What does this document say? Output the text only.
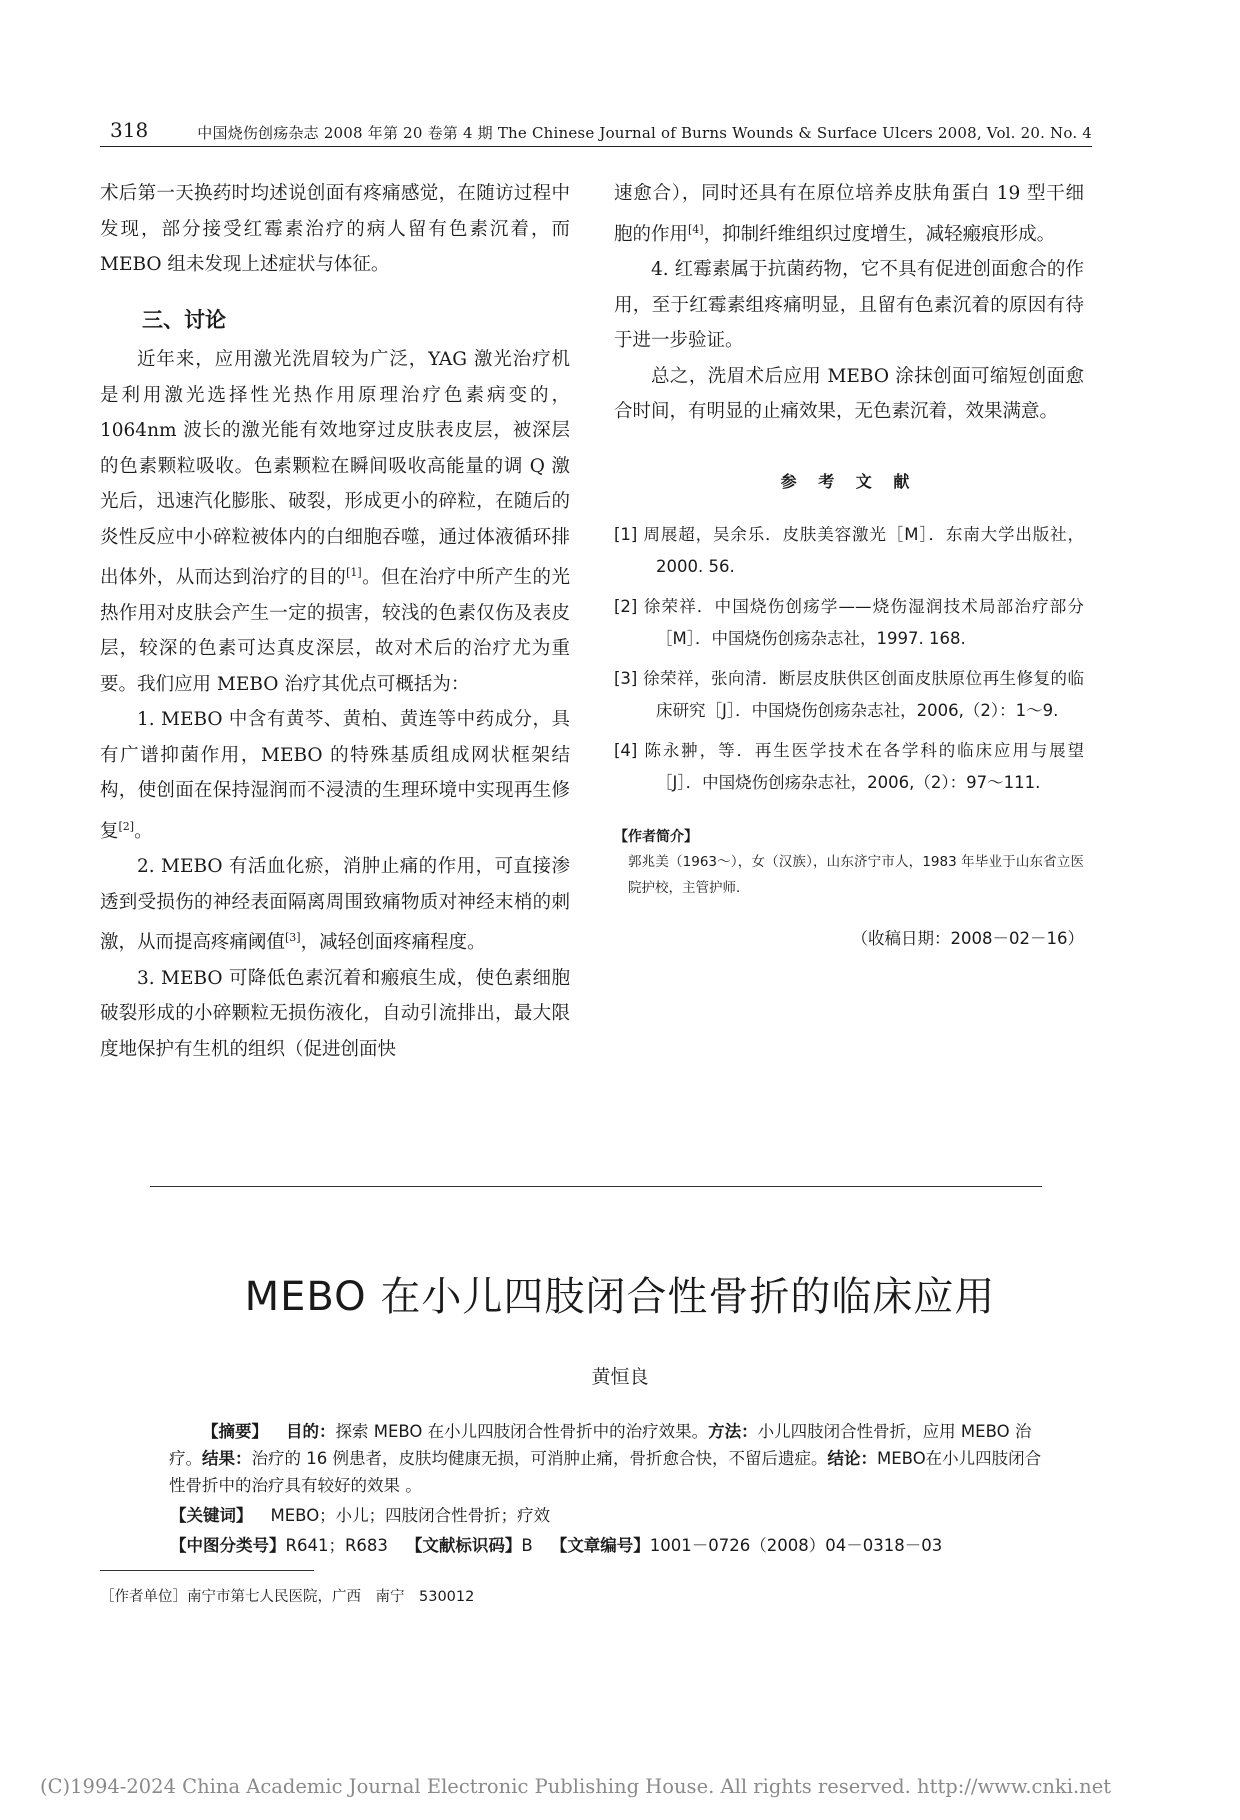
318	中国烧伤创疡杂志 2008 年第 20 卷第 4 期 The Chinese Journal of Burns Wounds & Surface Ulcers 2008, Vol. 20. No. 4

术后第一天换药时均述说创面有疼痛感觉，在随访过程中发现，部分接受红霉素治疗的病人留有色素沉着，而 MEBO 组未发现上述症状与体征。

三、讨论

近年来，应用激光洗眉较为广泛，YAG 激光治疗机是利用激光选择性光热作用原理治疗色素病变的，1064nm 波长的激光能有效地穿过皮肤表皮层，被深层的色素颗粒吸收。色素颗粒在瞬间吸收高能量的调 Q 激光后，迅速汽化膨胀、破裂，形成更小的碎粒，在随后的炎性反应中小碎粒被体内的白细胞吞噬，通过体液循环排出体外，从而达到治疗的目的[1]。但在治疗中所产生的光热作用对皮肤会产生一定的损害，较浅的色素仅伤及表皮层，较深的色素可达真皮深层，故对术后的治疗尤为重要。我们应用 MEBO 治疗其优点可概括为：

1. MEBO 中含有黄芩、黄柏、黄连等中药成分，具有广谱抑菌作用，MEBO 的特殊基质组成网状框架结构，使创面在保持湿润而不浸渍的生理环境中实现再生修复[2]。

2. MEBO 有活血化瘀，消肿止痛的作用，可直接渗透到受损伤的神经表面隔离周围致痛物质对神经末梢的刺激，从而提高疼痛阈值[3]，减轻创面疼痛程度。

3. MEBO 可降低色素沉着和瘢痕生成，使色素细胞破裂形成的小碎颗粒无损伤液化，自动引流排出，最大限度地保护有生机的组织（促进创面快

速愈合），同时还具有在原位培养皮肤角蛋白 19 型干细胞的作用[4]，抑制纤维组织过度增生，减轻瘢痕形成。

4. 红霉素属于抗菌药物，它不具有促进创面愈合的作用，至于红霉素组疼痛明显，且留有色素沉着的原因有待于进一步验证。

总之，洗眉术后应用 MEBO 涂抹创面可缩短创面愈合时间，有明显的止痛效果，无色素沉着，效果满意。

参 考 文 献

[1] 周展超，吴余乐．皮肤美容激光［M］．东南大学出版社，2000. 56.

[2] 徐荣祥．中国烧伤创疡学——烧伤湿润技术局部治疗部分［M］．中国烧伤创疡杂志社，1997. 168.

[3] 徐荣祥，张向清．断层皮肤供区创面皮肤原位再生修复的临床研究［J］．中国烧伤创疡杂志社，2006,（2）：1～9.

[4] 陈永翀，等．再生医学技术在各学科的临床应用与展望［J］．中国烧伤创疡杂志社，2006,（2）：97～111.

【作者简介】

郭兆美（1963～），女（汉族），山东济宁市人，1983 年毕业于山东省立医院护校，主管护师．

（收稿日期：2008－02－16）

MEBO 在小儿四肢闭合性骨折的临床应用
黄恒良

【摘要】 目的：探索 MEBO 在小儿四肢闭合性骨折中的治疗效果。方法：小儿四肢闭合性骨折，应用 MEBO 治疗。结果：治疗的 16 例患者，皮肤均健康无损，可消肿止痛，骨折愈合快，不留后遗症。结论：MEBO在小儿四肢闭合性骨折中的治疗具有较好的效果 。

【关键词】 MEBO；小儿；四肢闭合性骨折；疗效

【中图分类号】R641；R683 【文献标识码】B 【文章编号】1001－0726（2008）04－0318－03

［作者单位］南宁市第七人民医院，广西　南宁　530012
(C)1994-2024 China Academic Journal Electronic Publishing House. All rights reserved. http://www.cnki.net
